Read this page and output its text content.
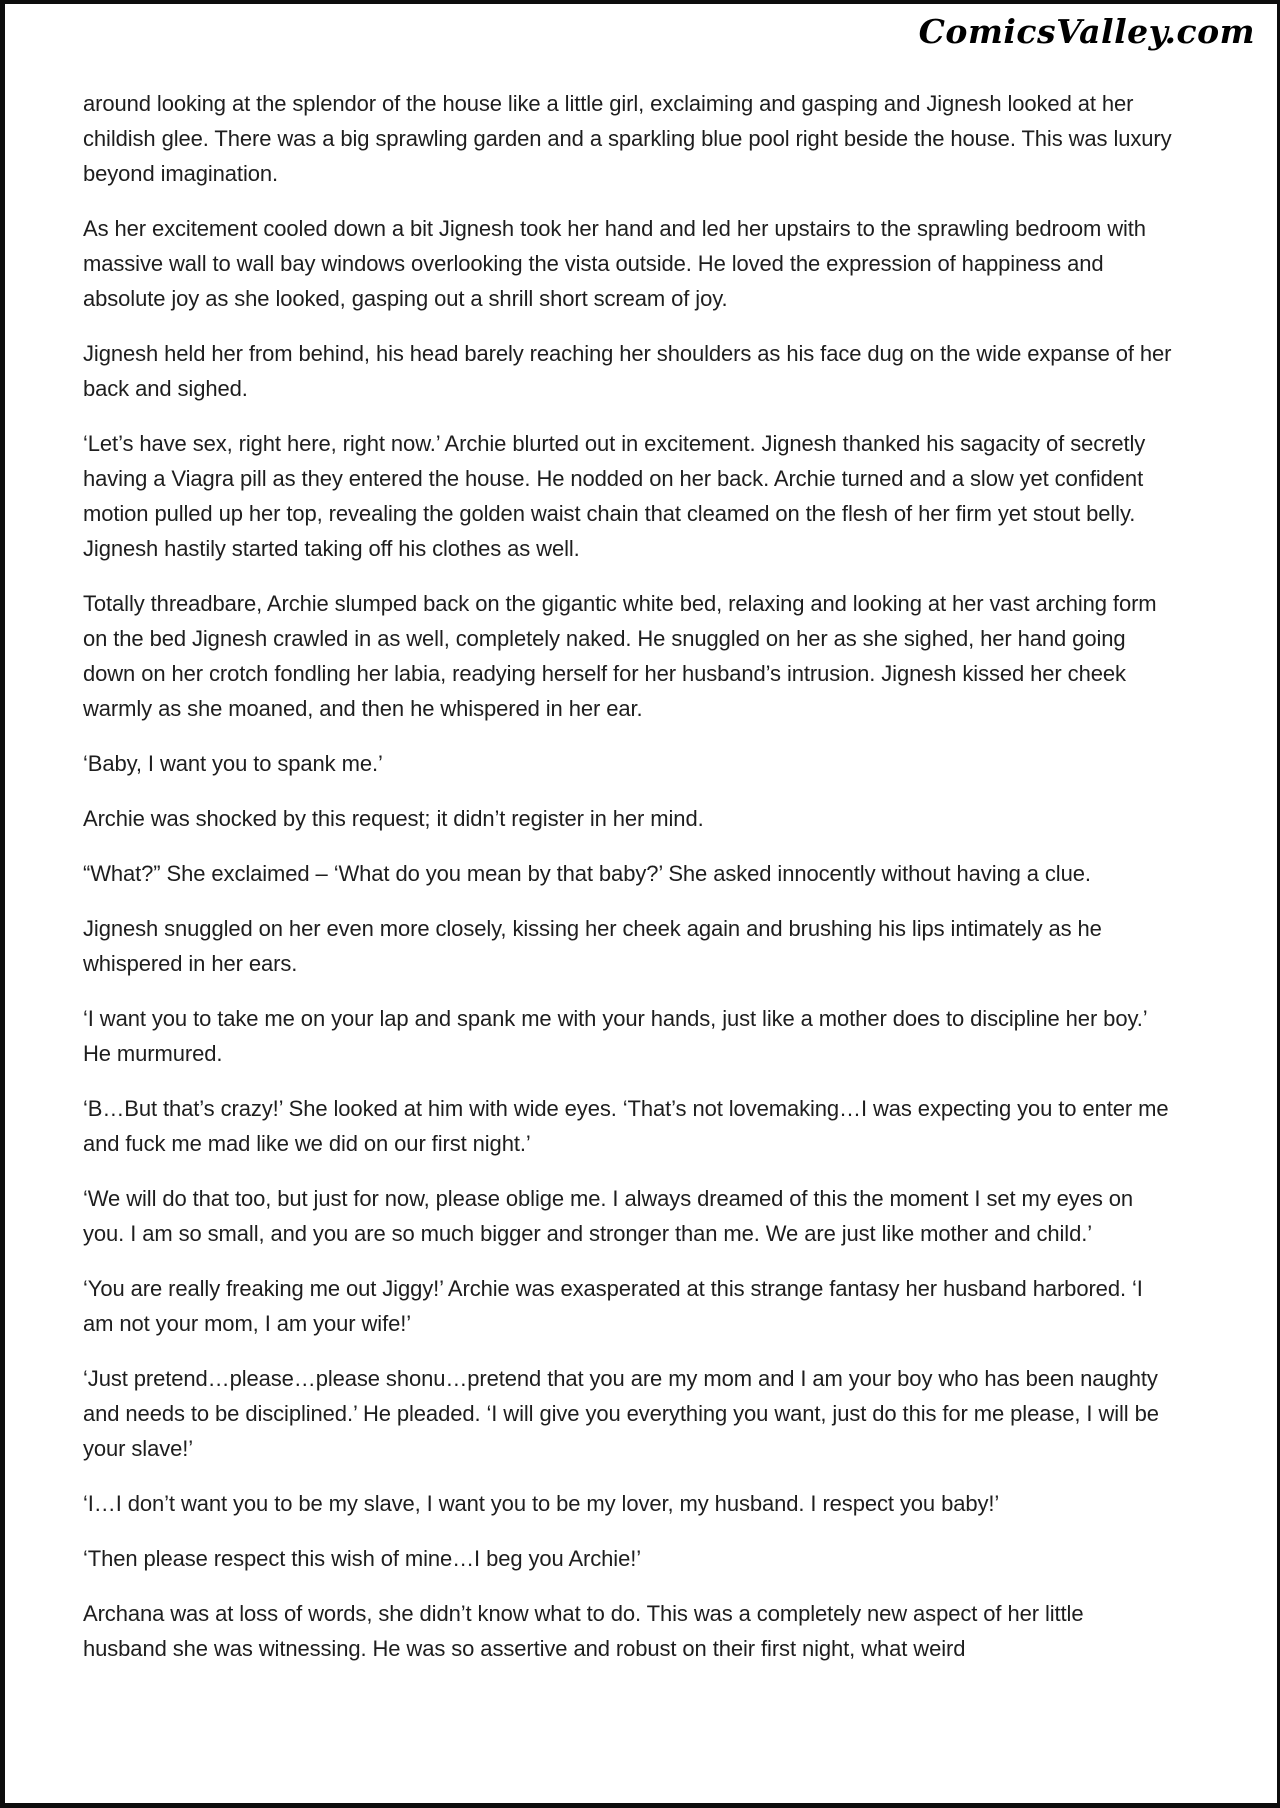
ComicsValley.com

around looking at the splendor of the house like a little girl, exclaiming and gasping and Jignesh looked at her childish glee. There was a big sprawling garden and a sparkling blue pool right beside the house. This was luxury beyond imagination.

As her excitement cooled down a bit Jignesh took her hand and led her upstairs to the sprawling bedroom with massive wall to wall bay windows overlooking the vista outside. He loved the expression of happiness and absolute joy as she looked, gasping out a shrill short scream of joy.

Jignesh held her from behind, his head barely reaching her shoulders as his face dug on the wide expanse of her back and sighed.

‘Let’s have sex, right here, right now.’ Archie blurted out in excitement. Jignesh thanked his sagacity of secretly having a Viagra pill as they entered the house. He nodded on her back. Archie turned and a slow yet confident motion pulled up her top, revealing the golden waist chain that cleamed on the flesh of her firm yet stout belly. Jignesh hastily started taking off his clothes as well.

Totally threadbare, Archie slumped back on the gigantic white bed, relaxing and looking at her vast arching form on the bed Jignesh crawled in as well, completely naked. He snuggled on her as she sighed, her hand going down on her crotch fondling her labia, readying herself for her husband’s intrusion. Jignesh kissed her cheek warmly as she moaned, and then he whispered in her ear.

‘Baby, I want you to spank me.’

Archie was shocked by this request; it didn’t register in her mind.

“What?” She exclaimed – ‘What do you mean by that baby?’ She asked innocently without having a clue.

Jignesh snuggled on her even more closely, kissing her cheek again and brushing his lips intimately as he whispered in her ears.

‘I want you to take me on your lap and spank me with your hands, just like a mother does to discipline her boy.’ He murmured.

‘B…But that’s crazy!’ She looked at him with wide eyes. ‘That’s not lovemaking…I was expecting you to enter me and fuck me mad like we did on our first night.’

‘We will do that too, but just for now, please oblige me. I always dreamed of this the moment I set my eyes on you. I am so small, and you are so much bigger and stronger than me. We are just like mother and child.’

‘You are really freaking me out Jiggy!’ Archie was exasperated at this strange fantasy her husband harbored. ‘I am not your mom, I am your wife!’

‘Just pretend…please…please shonu…pretend that you are my mom and I am your boy who has been naughty and needs to be disciplined.’ He pleaded. ‘I will give you everything you want, just do this for me please, I will be your slave!’

‘I…I don’t want you to be my slave, I want you to be my lover, my husband. I respect you baby!’

‘Then please respect this wish of mine…I beg you Archie!’

Archana was at loss of words, she didn’t know what to do. This was a completely new aspect of her little husband she was witnessing. He was so assertive and robust on their first night, what weird
